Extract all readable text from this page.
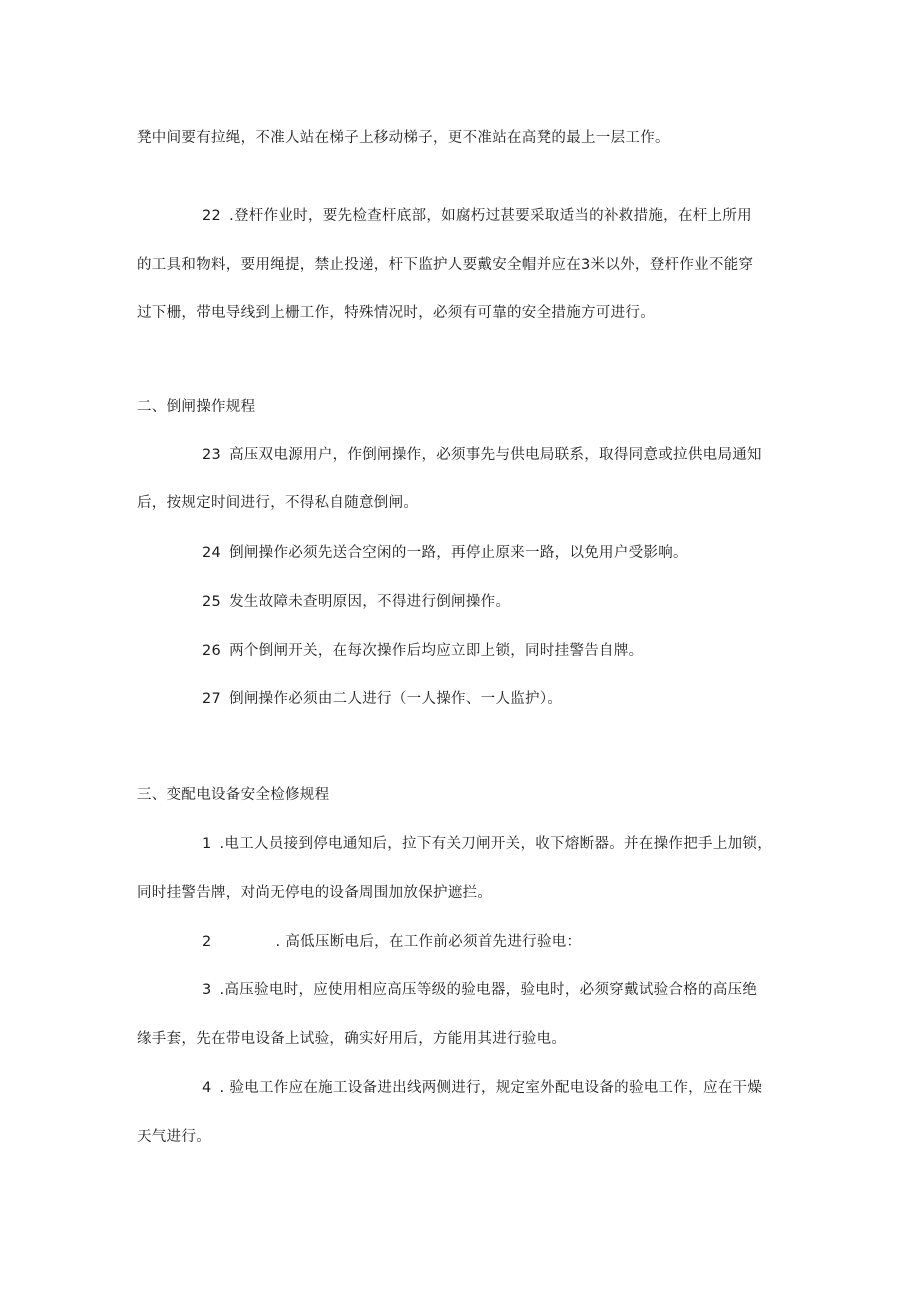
凳中间要有拉绳，不准人站在梯子上移动梯子，更不准站在高凳的最上一层工作。
22 .登杆作业时，要先检查杆底部，如腐朽过甚要采取适当的补救措施，在杆上所用
的工具和物料，要用绳提，禁止投递，杆下监护人要戴安全帽并应在3米以外，登杆作业不能穿
过下栅，带电导线到上栅工作，特殊情况时，必须有可靠的安全措施方可进行。
二、倒闸操作规程
23 高压双电源用户，作倒闸操作，必须事先与供电局联系，取得同意或拉供电局通知
后，按规定时间进行，不得私自随意倒闸。
24 倒闸操作必须先送合空闲的一路，再停止原来一路，以免用户受影响。
25 发生故障未查明原因，不得进行倒闸操作。
26 两个倒闸开关，在每次操作后均应立即上锁，同时挂警告自牌。
27 倒闸操作必须由二人进行（一人操作、一人监护）。
三、变配电设备安全检修规程
1 .电工人员接到停电通知后，拉下有关刀闸开关，收下熔断器。并在操作把手上加锁，
同时挂警告牌，对尚无停电的设备周围加放保护遮拦。
2	. 高低压断电后，在工作前必须首先进行验电：
3 .高压验电时，应使用相应高压等级的验电器，验电时，必须穿戴试验合格的高压绝
缘手套，先在带电设备上试验，确实好用后，方能用其进行验电。
4 . 验电工作应在施工设备进出线两侧进行，规定室外配电设备的验电工作，应在干燥
天气进行。
